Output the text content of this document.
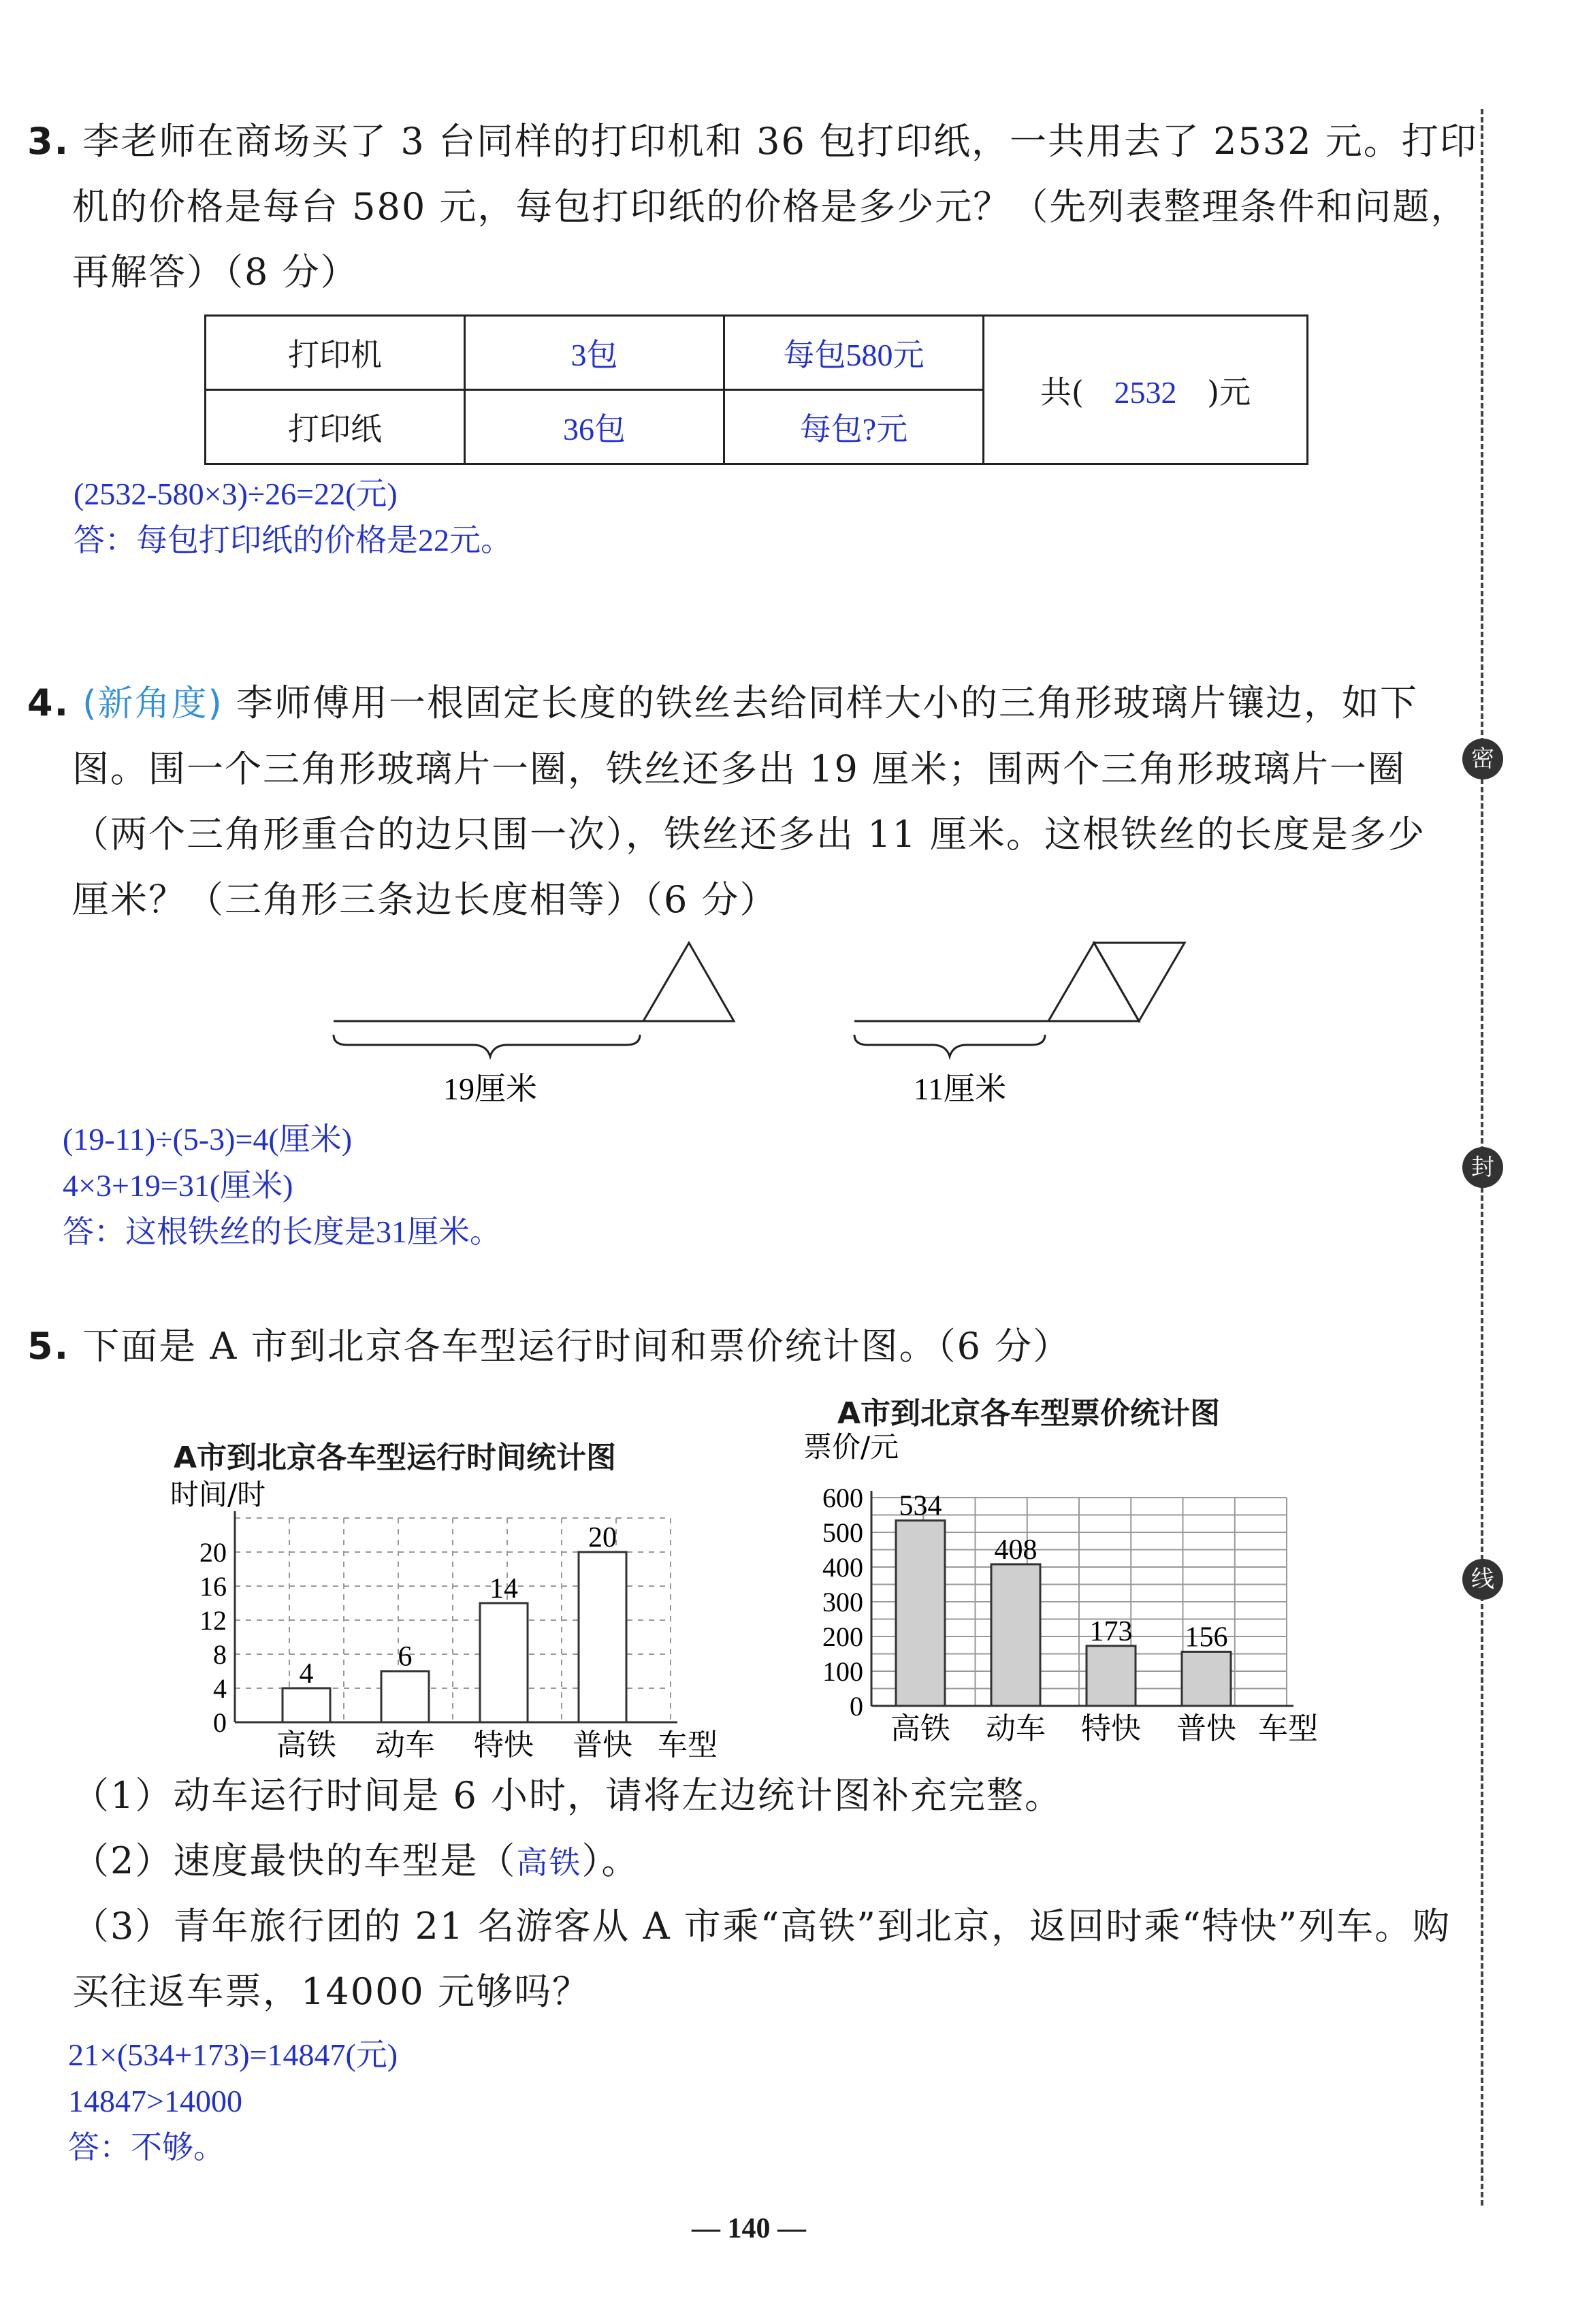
密
封
线
3. 李老师在商场买了 3 台同样的打印机和 36 包打印纸，一共用去了 2532 元。打印
机的价格是每台 580 元，每包打印纸的价格是多少元？（先列表整理条件和问题，
再解答）（8 分）
打印机	3包	每包580元	共( 2532 )元
打印纸	36包	每包?元	
(2532-580×3)÷26=22(元)
答：每包打印纸的价格是22元。
4. (新角度) 李师傅用一根固定长度的铁丝去给同样大小的三角形玻璃片镶边，如下
图。围一个三角形玻璃片一圈，铁丝还多出 19 厘米；围两个三角形玻璃片一圈
（两个三角形重合的边只围一次），铁丝还多出 11 厘米。这根铁丝的长度是多少
厘米？（三角形三条边长度相等）（6 分）
19厘米	11厘米
(19-11)÷(5-3)=4(厘米)
4×3+19=31(厘米)
答：这根铁丝的长度是31厘米。
5. 下面是 A 市到北京各车型运行时间和票价统计图。（6 分）
A市到北京各车型运行时间统计图
0
4
8
12
16
20
时间/时
4
高铁
6
动车
14
特快
20
普快 车型
A市到北京各车型票价统计图
0
100
200
300
400
500
600
票价/元
534
高铁
408
动车
173
特快
156
普快 车型
（1）动车运行时间是 6 小时，请将左边统计图补充完整。
（2）速度最快的车型是（高铁）。
（3）青年旅行团的 21 名游客从 A 市乘“高铁”到北京，返回时乘“特快”列车。购
买往返车票，14000 元够吗？
21×(534+173)=14847(元)
14847>14000
答：不够。
— 140 —
